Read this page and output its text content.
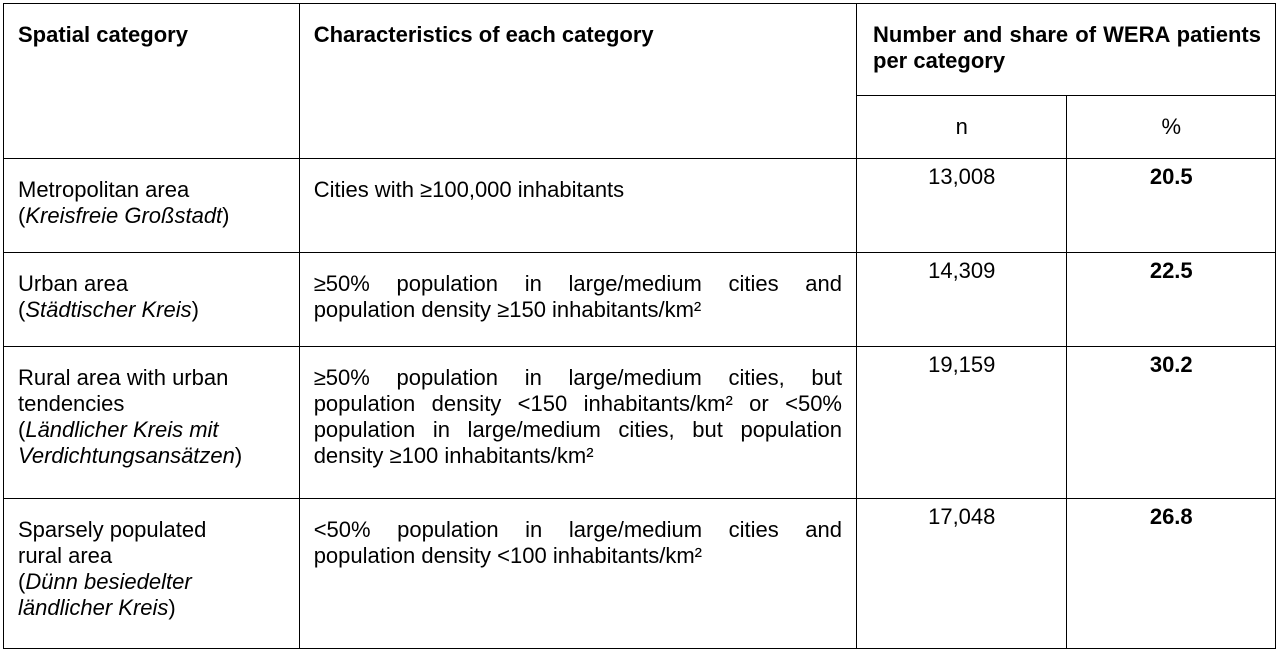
Spatial category	Characteristics of each category	Number and share of WERA patients per category	

		n	%

Metropolitan area
(Kreisfreie Großstadt)	Cities with ≥100,000 inhabitants	13,008	20.5

Urban area
(Städtischer Kreis)	≥50% population in large/medium cities and population density ≥150 inhabitants/km²	14,309	22.5

Rural area with urban
tendencies
(Ländlicher Kreis mit
Verdichtungsansätzen)	≥50% population in large/medium cities, but population density <150 inhabitants/km² or <50% population in large/medium cities, but population density ≥100 inhabitants/km²	19,159	30.2

Sparsely populated
rural area
(Dünn besiedelter
ländlicher Kreis)	<50% population in large/medium cities and population density <100 inhabitants/km²	17,048	26.8
